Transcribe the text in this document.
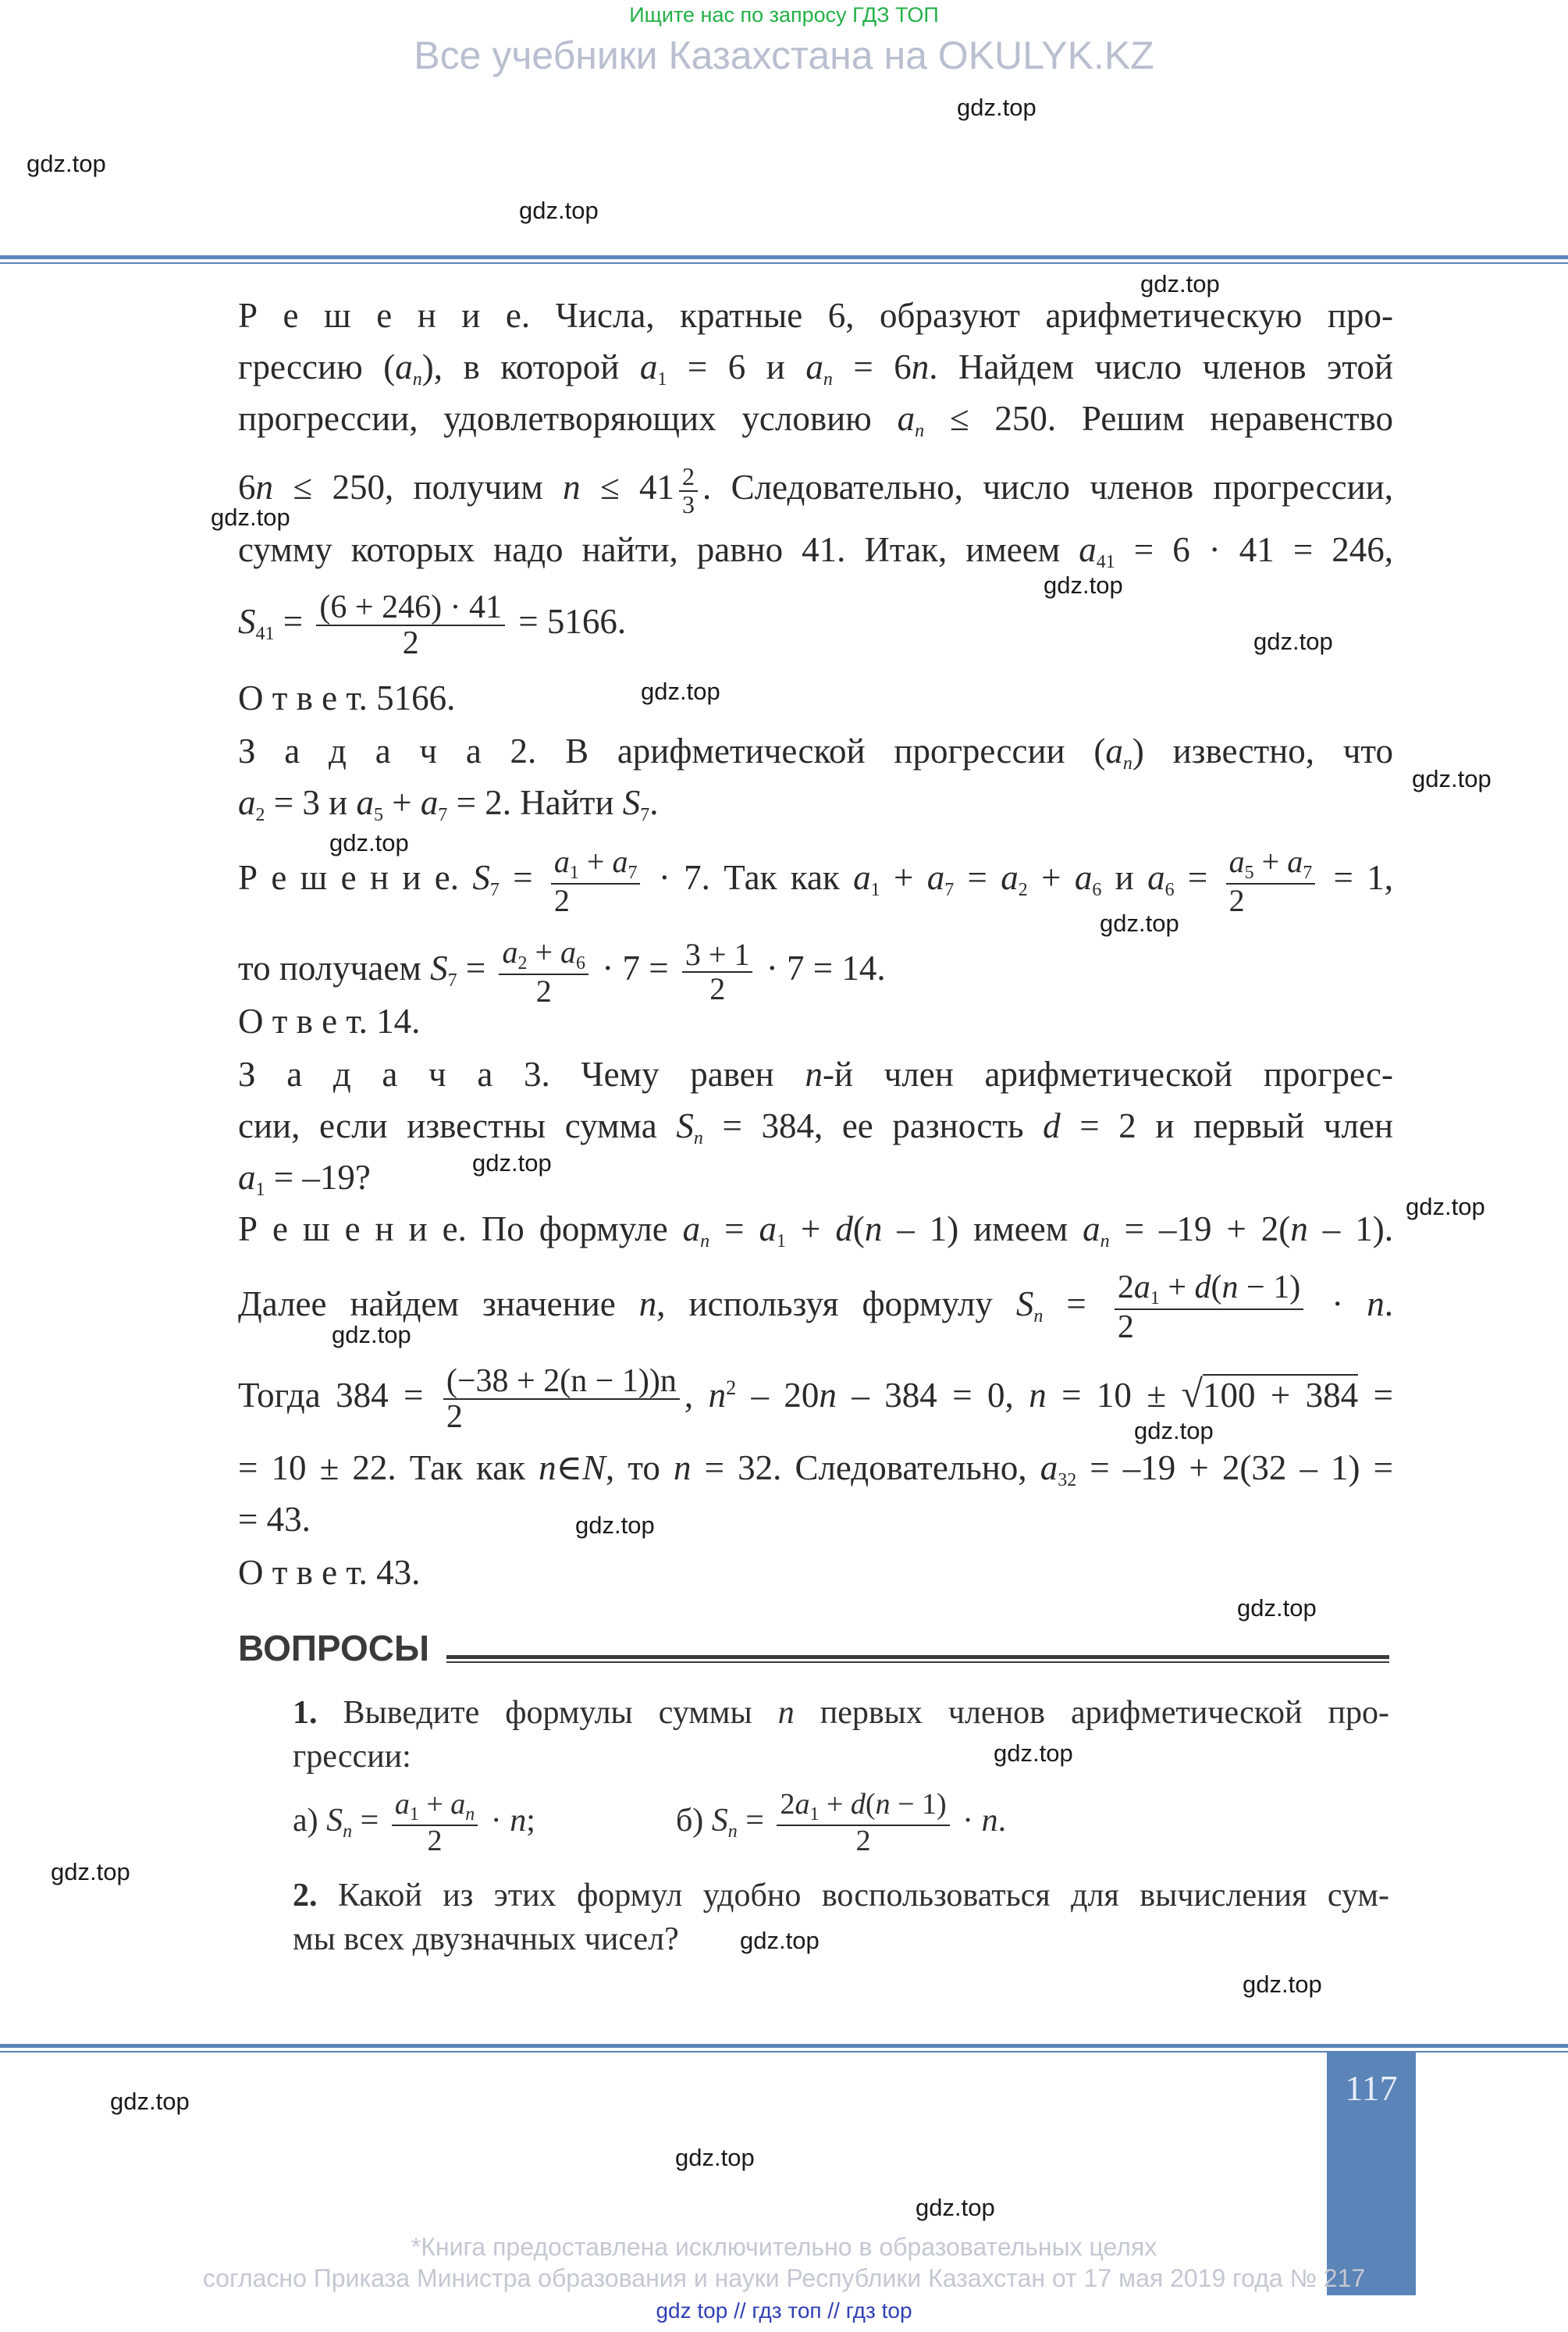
Ищите нас по запросу ГДЗ ТОП
Все учебники Казахстана на OKULYK.KZ
Р е ш е н и е. Числа, кратные 6, образуют арифметическую про-
грессию $(a_n)$, в которой $a_1 = 6$ и $a_n = 6n$. Найдем число членов этой
прогрессии, удовлетворяющих условию $a_n \le 250$. Решим неравенство
6n ≤ 250, получим $n \le 41 \frac{2}{3}$ . Следовательно, число членов прогрессии,
сумму которых надо найти, равно 41. Итак, имеем $a_{41} = 6 \cdot 41 = 246$,
$S_{41} = \frac{(6 + 246) \cdot 41}{2} = 5166$.
О т в е т. 5166.
З а д а ч а 2. В арифметической прогрессии $(a_n)$ известно, что
$a_2 = 3$ и $a_5 + a_7 = 2$. Найти $S_7$.
Р е ш е н и е. $S_7 = \frac{a_1 + a_7}{2} \cdot 7$. Так как $a_1 + a_7 = a_2 + a_6$ и $a_6 = \frac{a_5 + a_7}{2} = 1$,
то получаем $S_7 = \frac{a_2 + a_6}{2} \cdot 7 = \frac{3 + 1}{2} \cdot 7 = 14$.
О т в е т. 14.
З а д а ч а 3. Чему равен n-й член арифметической прогрес-
сии, если известны сумма $S_n = 384$, ее разность d = 2 и первый член
$a_1 = -19$?
Р е ш е н и е. По формуле $a_n = a_1 + d(n - 1)$ имеем $a_n = -19 + 2(n - 1)$.
Далее найдем значение n, используя формулу $S_n = \frac{2a_1 + d(n - 1)}{2} \cdot n$.
Тогда $384 = \frac{(-38 + 2(n - 1))n}{2}$ , $n^2 - 20n - 384 = 0$, n = 10 ± √100 + 384 =
= 10 ± 22. Так как n∈N, то n = 32. Следовательно, $a_{32} = -19 + 2(32 - 1)$ =
= 43.
О т в е т. 43.
ВОПРОСЫ
1. Выведите формулы суммы n первых членов арифметической про-
грессии:
а) $S_n = \frac{a_1 + a_n}{2} \cdot n$;	б) $S_n = \frac{2a_1 + d(n - 1)}{2} \cdot n$.
2. Какой из этих формул удобно воспользоваться для вычисления сум-
мы всех двузначных чисел?
117
*Книга предоставлена исключительно в образовательных целях
согласно Приказа Министра образования и науки Республики Казахстан от 17 мая 2019 года № 217
gdz top // гдз топ // гдз top
gdz.top
gdz.top
gdz.top
gdz.top
gdz.top
gdz.top
gdz.top
gdz.top
gdz.top
gdz.top
gdz.top
gdz.top
gdz.top
gdz.top
gdz.top
gdz.top
gdz.top
gdz.top
gdz.top
gdz.top
gdz.top
gdz.top
gdz.top
gdz.top
